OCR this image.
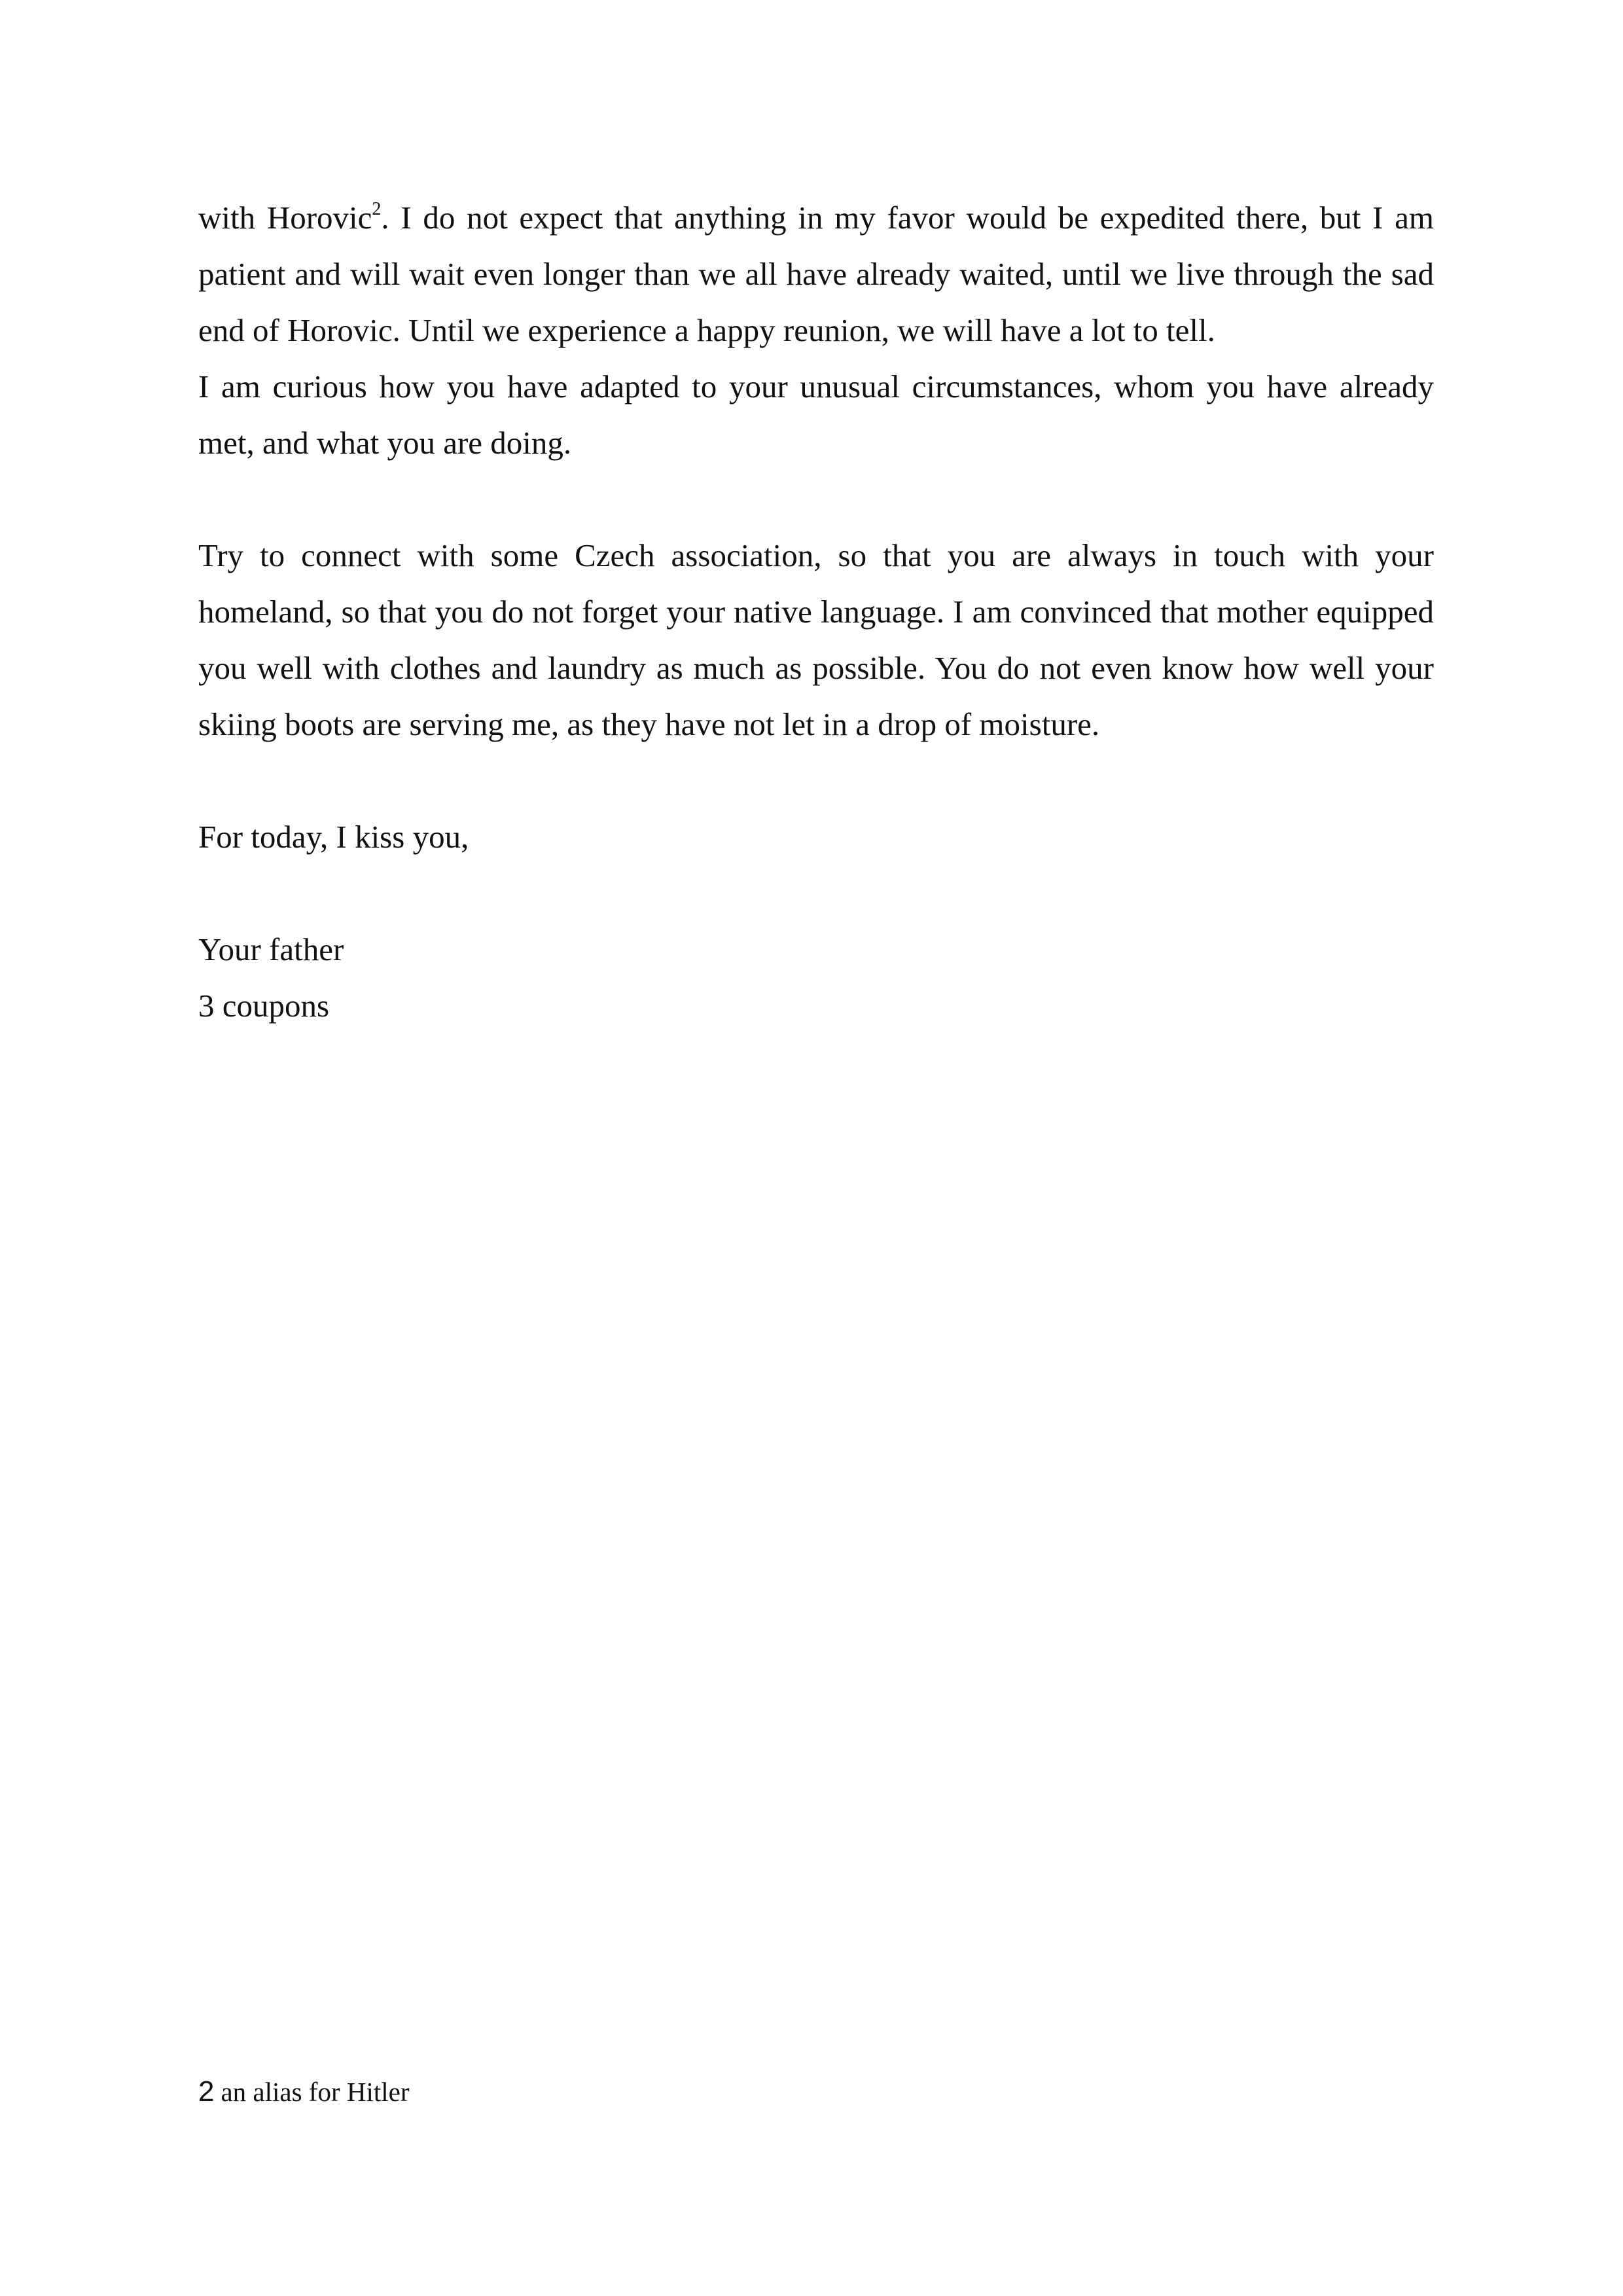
with Horovic$^2$. I do not expect that anything in my favor would be expedited there, but I am patient and will wait even longer than we all have already waited, until we live through the sad end of Horovic. Until we experience a happy reunion, we will have a lot to tell.

I am curious how you have adapted to your unusual circumstances, whom you have already met, and what you are doing.

Try to connect with some Czech association, so that you are always in touch with your homeland, so that you do not forget your native language. I am convinced that mother equipped you well with clothes and laundry as much as possible. You do not even know how well your skiing boots are serving me, as they have not let in a drop of moisture.

For today, I kiss you,

Your father

3 coupons

2 an alias for Hitler
